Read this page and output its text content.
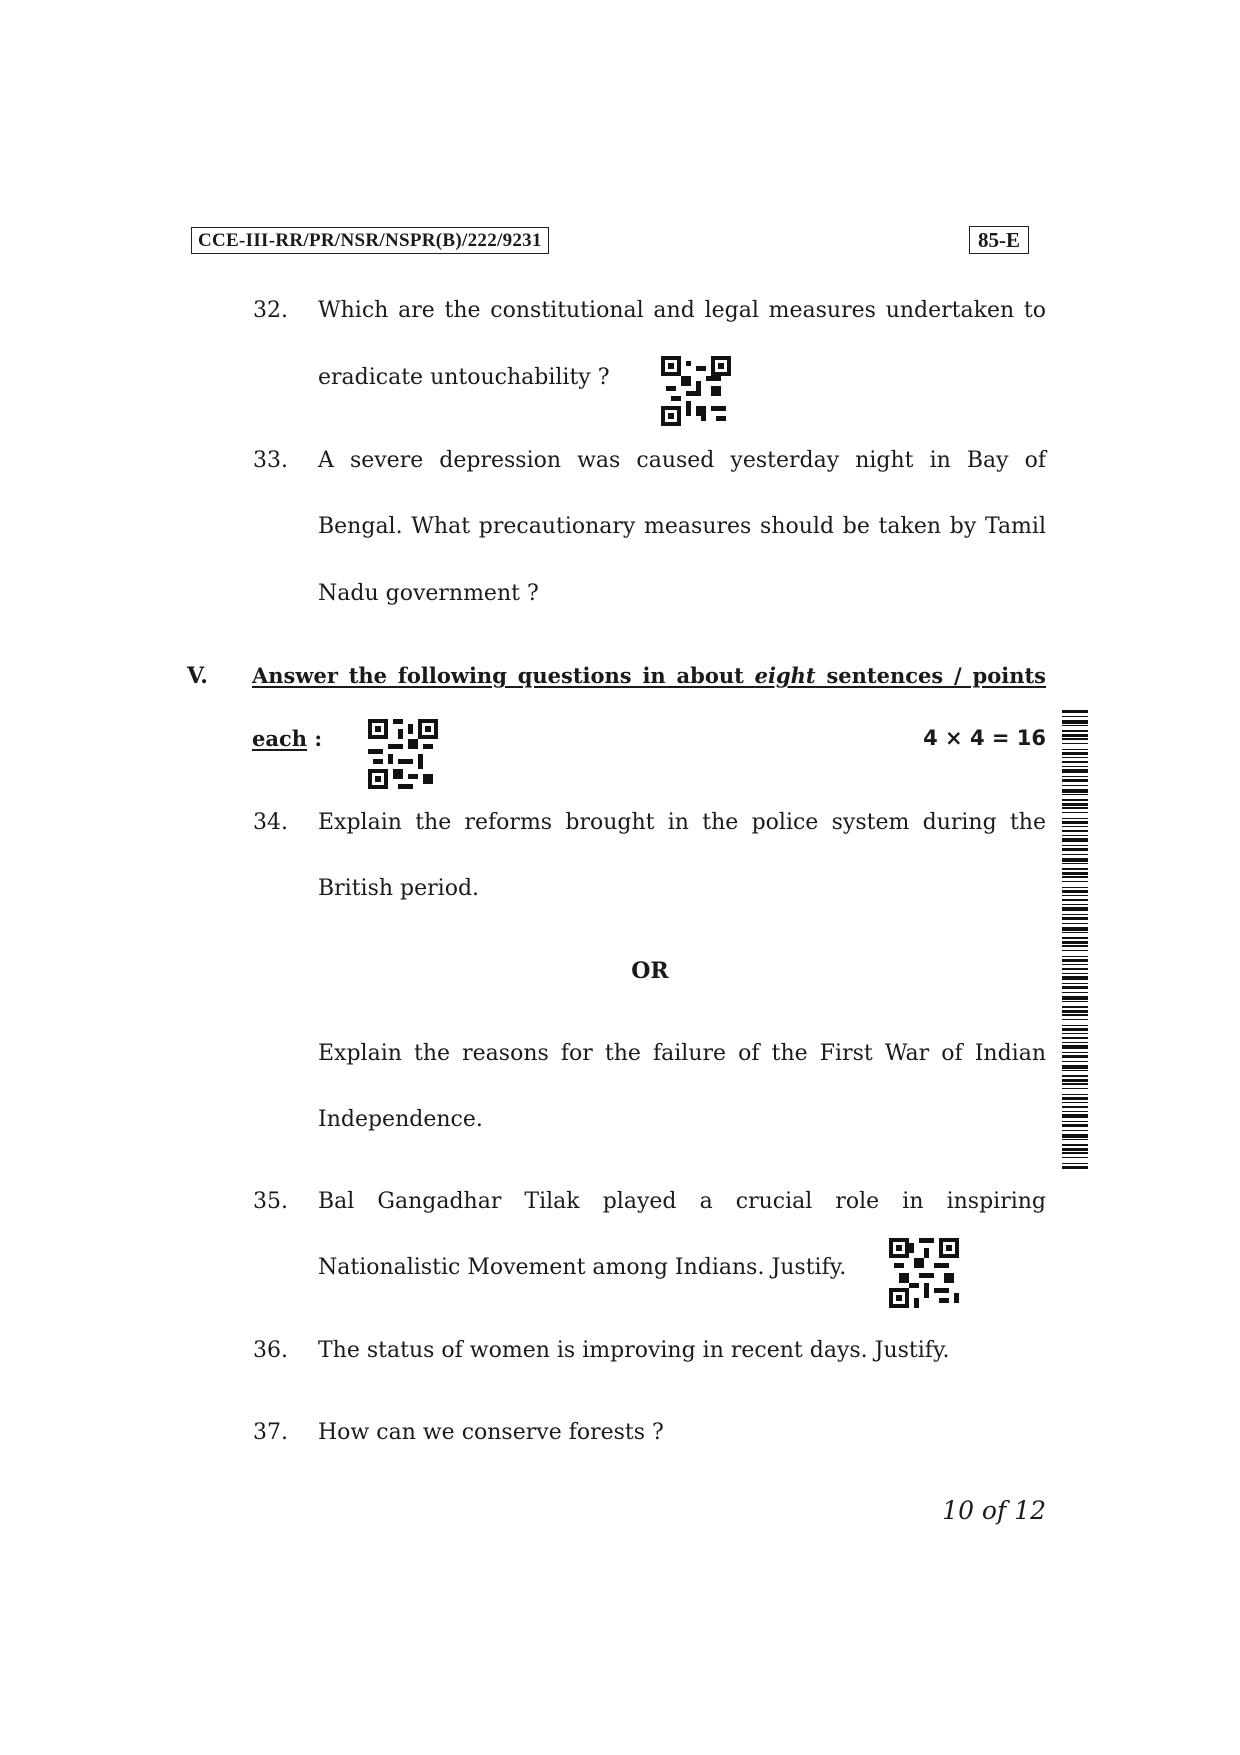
CCE-III-RR/PR/NSR/NSPR(B)/222/9231	85-E
32. Which are the constitutional and legal measures undertaken to
eradicate untouchability ?
33. A severe depression was caused yesterday night in Bay of
Bengal. What precautionary measures should be taken by Tamil
Nadu government ?
V. Answer the following questions in about eight sentences / points
each :	4 × 4 = 16
34. Explain the reforms brought in the police system during the
British period.
OR
Explain the reasons for the failure of the First War of Indian
Independence.
35. Bal Gangadhar Tilak played a crucial role in inspiring
Nationalistic Movement among Indians. Justify.
36. The status of women is improving in recent days. Justify.
37. How can we conserve forests ?
10 of 12
